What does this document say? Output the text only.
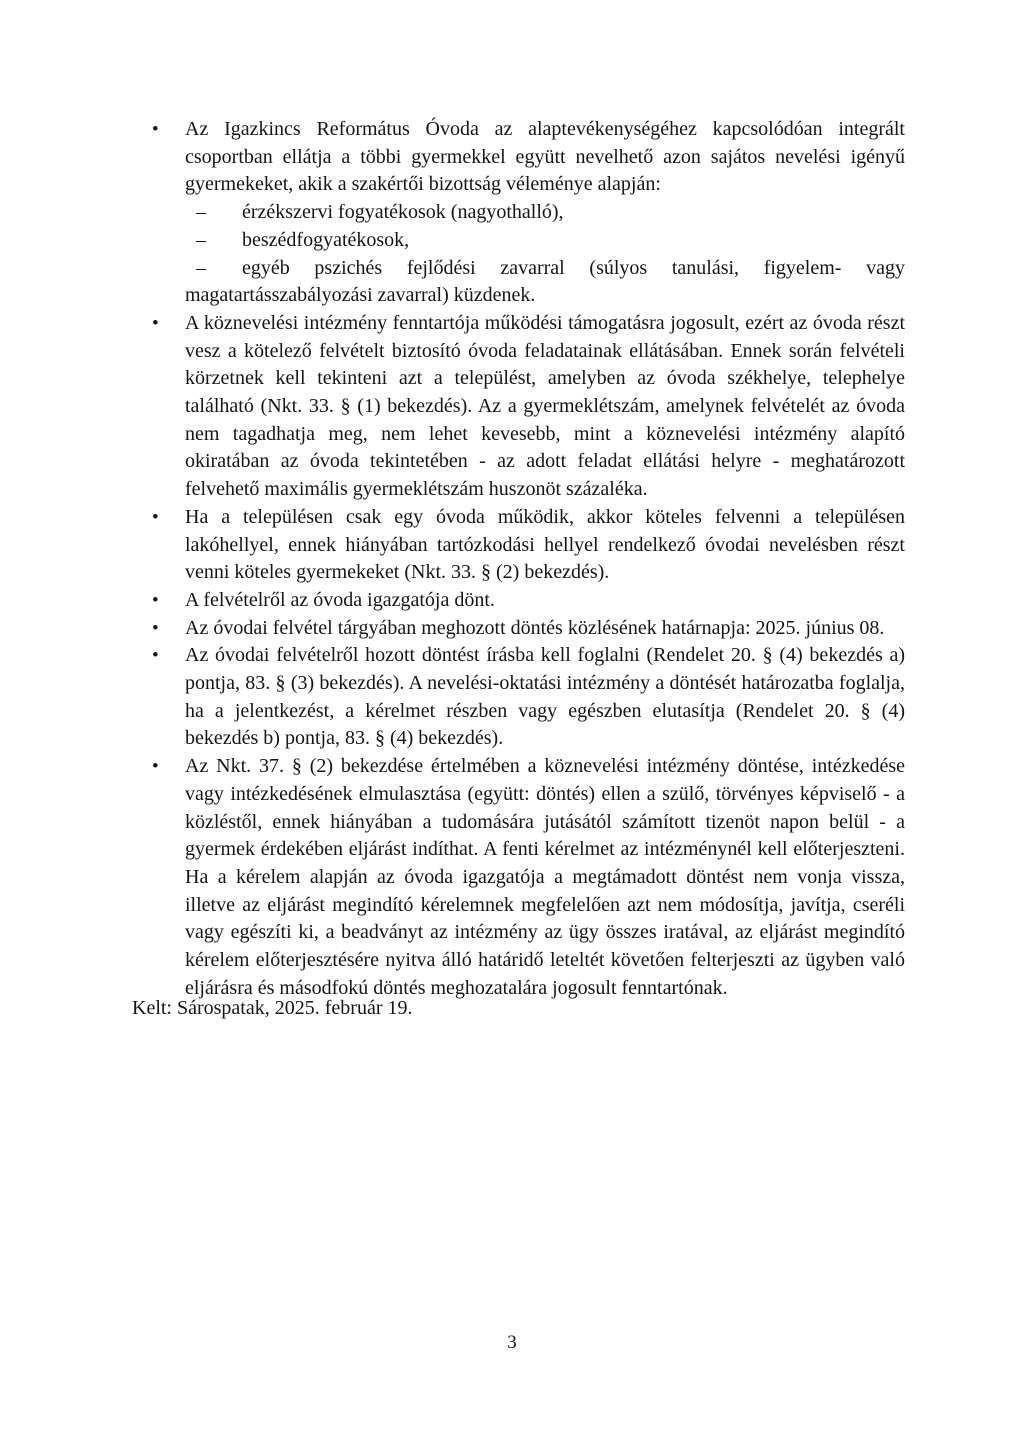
• Az Igazkincs Református Óvoda az alaptevékenységéhez kapcsolódóan integrált csoportban ellátja a többi gyermekkel együtt nevelhető azon sajátos nevelési igényű gyermekeket, akik a szakértői bizottság véleménye alapján:

– érzékszervi fogyatékosok (nagyothalló),

– beszédfogyatékosok,

– egyéb pszichés fejlődési zavarral (súlyos tanulási, figyelem- vagy magatartásszabályozási zavarral) küzdenek.

• A köznevelési intézmény fenntartója működési támogatásra jogosult, ezért az óvoda részt vesz a kötelező felvételt biztosító óvoda feladatainak ellátásában. Ennek során felvételi körzetnek kell tekinteni azt a települést, amelyben az óvoda székhelye, telephelye található (Nkt. 33. § (1) bekezdés). Az a gyermeklétszám, amelynek felvételét az óvoda nem tagadhatja meg, nem lehet kevesebb, mint a köznevelési intézmény alapító okiratában az óvoda tekintetében - az adott feladat ellátási helyre - meghatározott felvehető maximális gyermeklétszám huszonöt százaléka.
• Ha a településen csak egy óvoda működik, akkor köteles felvenni a településen lakóhellyel, ennek hiányában tartózkodási hellyel rendelkező óvodai nevelésben részt venni köteles gyermekeket (Nkt. 33. § (2) bekezdés).
• A felvételről az óvoda igazgatója dönt.
• Az óvodai felvétel tárgyában meghozott döntés közlésének határnapja: 2025. június 08.
• Az óvodai felvételről hozott döntést írásba kell foglalni (Rendelet 20. § (4) bekezdés a) pontja, 83. § (3) bekezdés). A nevelési-oktatási intézmény a döntését határozatba foglalja, ha a jelentkezést, a kérelmet részben vagy egészben elutasítja (Rendelet 20. § (4) bekezdés b) pontja, 83. § (4) bekezdés).
• Az Nkt. 37. § (2) bekezdése értelmében a köznevelési intézmény döntése, intézkedése vagy intézkedésének elmulasztása (együtt: döntés) ellen a szülő, törvényes képviselő - a közléstől, ennek hiányában a tudomására jutásától számított tizenöt napon belül - a gyermek érdekében eljárást indíthat. A fenti kérelmet az intézménynél kell előterjeszteni. Ha a kérelem alapján az óvoda igazgatója a megtámadott döntést nem vonja vissza, illetve az eljárást megindító kérelemnek megfelelően azt nem módosítja, javítja, cseréli vagy egészíti ki, a beadványt az intézmény az ügy összes iratával, az eljárást megindító kérelem előterjesztésére nyitva álló határidő leteltét követően felterjeszti az ügyben való eljárásra és másodfokú döntés meghozatalára jogosult fenntartónak.
Kelt: Sárospatak, 2025. február 19.
3
